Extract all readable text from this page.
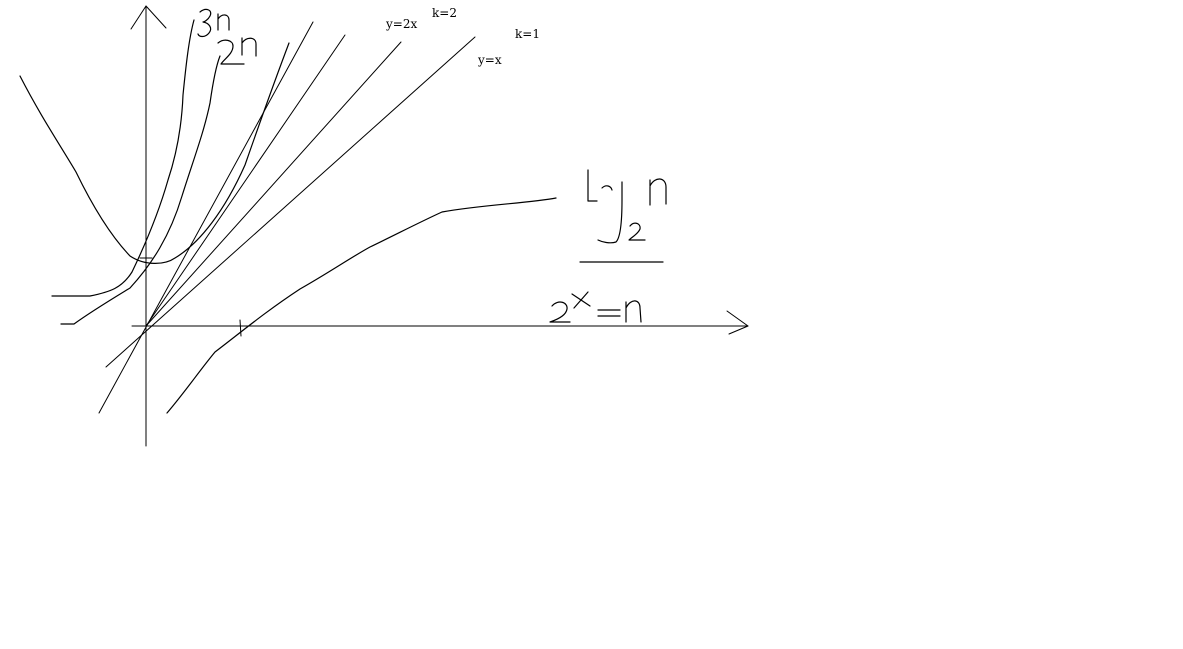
y=2x
k=2
y=x
k=1
